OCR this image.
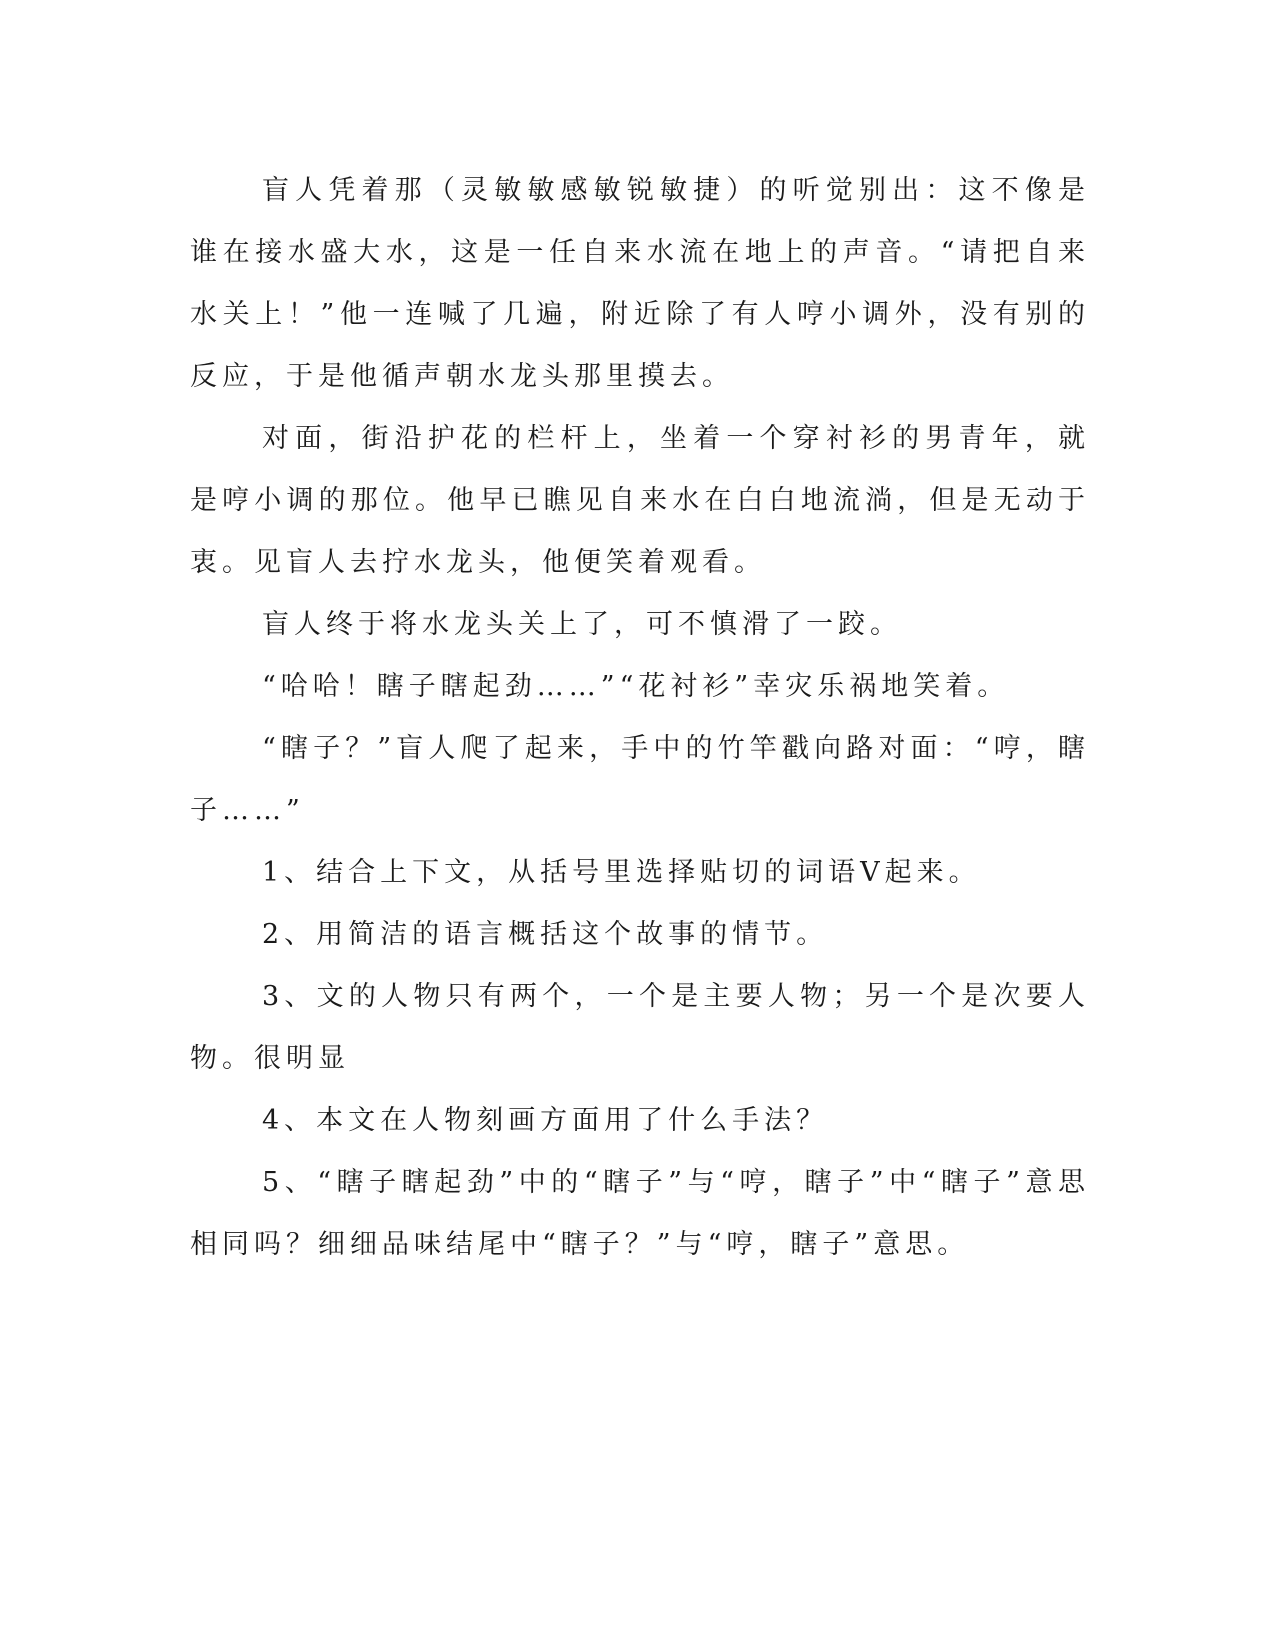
盲人凭着那（灵敏敏感敏锐敏捷）的听觉别出：这不像是谁在接水盛大水，这是一任自来水流在地上的声音。“请把自来水关上！”他一连喊了几遍，附近除了有人哼小调外，没有别的反应，于是他循声朝水龙头那里摸去。

对面，街沿护花的栏杆上，坐着一个穿衬衫的男青年，就是哼小调的那位。他早已瞧见自来水在白白地流淌，但是无动于衷。见盲人去拧水龙头，他便笑着观看。

盲人终于将水龙头关上了，可不慎滑了一跤。

“哈哈！瞎子瞎起劲……”“花衬衫”幸灾乐祸地笑着。

“瞎子？”盲人爬了起来，手中的竹竿戳向路对面：“哼，瞎子……”

1、结合上下文，从括号里选择贴切的词语V起来。

2、用简洁的语言概括这个故事的情节。

3、文的人物只有两个，一个是主要人物；另一个是次要人物。很明显

4、本文在人物刻画方面用了什么手法？

5、“瞎子瞎起劲”中的“瞎子”与“哼，瞎子”中“瞎子”意思相同吗？细细品味结尾中“瞎子？”与“哼，瞎子”意思。
